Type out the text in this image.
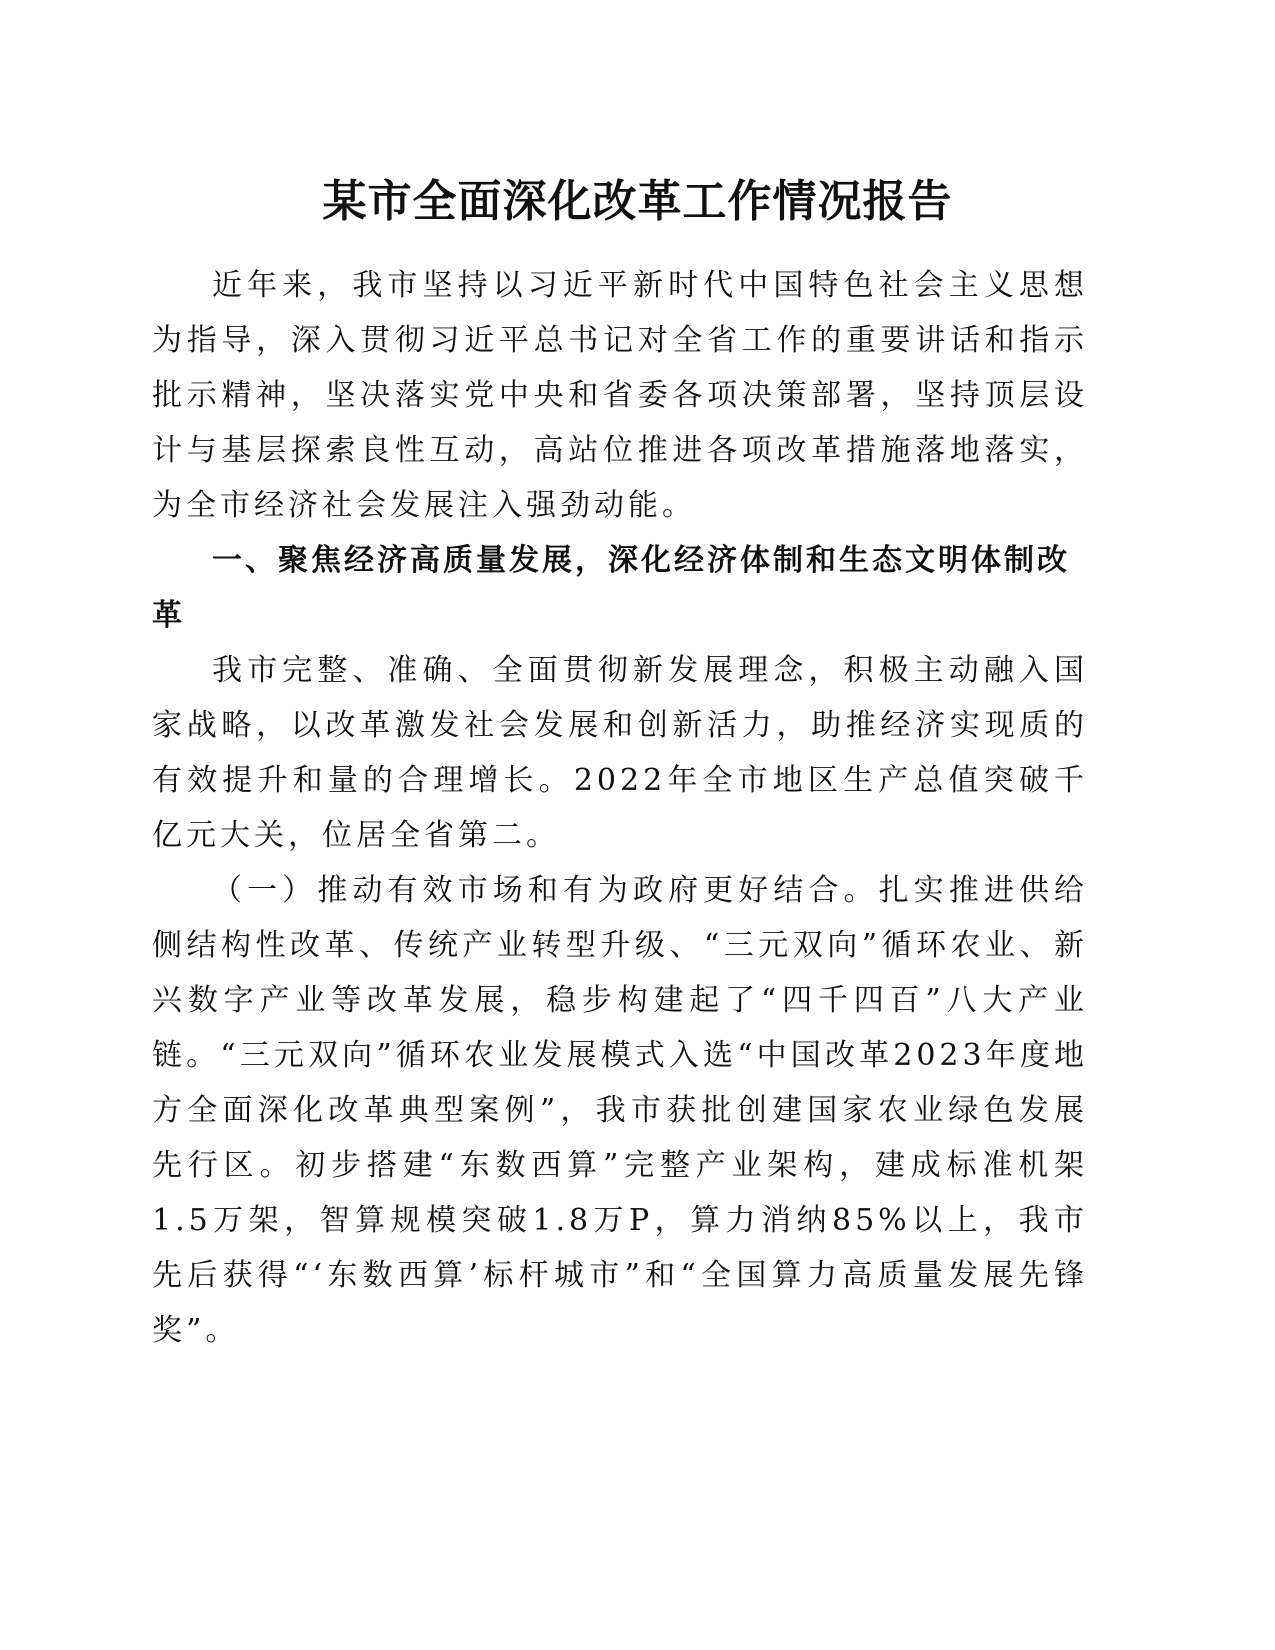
某市全面深化改革工作情况报告

近年来，我市坚持以习近平新时代中国特色社会主义思想为指导，深入贯彻习近平总书记对全省工作的重要讲话和指示批示精神，坚决落实党中央和省委各项决策部署，坚持顶层设计与基层探索良性互动，高站位推进各项改革措施落地落实，为全市经济社会发展注入强劲动能。

一、聚焦经济高质量发展，深化经济体制和生态文明体制改革

我市完整、准确、全面贯彻新发展理念，积极主动融入国家战略，以改革激发社会发展和创新活力，助推经济实现质的有效提升和量的合理增长。2022年全市地区生产总值突破千亿元大关，位居全省第二。

（一）推动有效市场和有为政府更好结合。扎实推进供给侧结构性改革、传统产业转型升级、“三元双向”循环农业、新兴数字产业等改革发展，稳步构建起了“四千四百”八大产业链。“三元双向”循环农业发展模式入选“中国改革2023年度地方全面深化改革典型案例”，我市获批创建国家农业绿色发展先行区。初步搭建“东数西算”完整产业架构，建成标准机架1.5万架，智算规模突破1.8万P，算力消纳85%以上，我市先后获得“‘东数西算’标杆城市”和“全国算力高质量发展先锋奖”。
